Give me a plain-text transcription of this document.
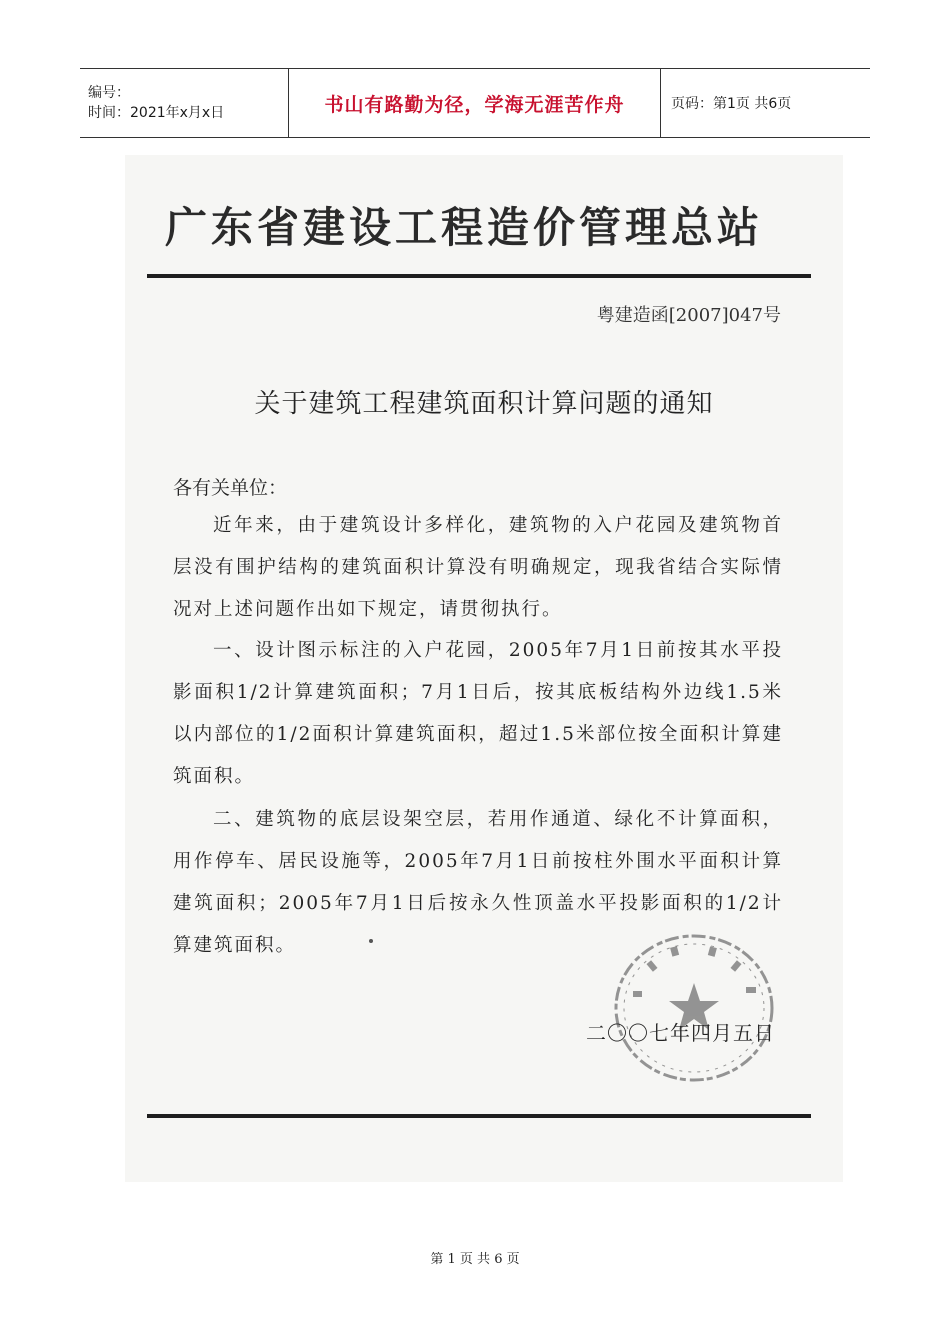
编号：
时间：2021年x月x日	书山有路勤为径，学海无涯苦作舟	页码：第1页 共6页
广东省建设工程造价管理总站
粤建造函[2007]047号
关于建筑工程建筑面积计算问题的通知
各有关单位：
近年来，由于建筑设计多样化，建筑物的入户花园及建筑物首层没有围护结构的建筑面积计算没有明确规定，现我省结合实际情况对上述问题作出如下规定，请贯彻执行。
一、设计图示标注的入户花园，2005年7月1日前按其水平投影面积1/2计算建筑面积；7月1日后，按其底板结构外边线1.5米以内部位的1/2面积计算建筑面积，超过1.5米部位按全面积计算建筑面积。
二、建筑物的底层设架空层，若用作通道、绿化不计算面积，用作停车、居民设施等，2005年7月1日前按柱外围水平面积计算建筑面积；2005年7月1日后按永久性顶盖水平投影面积的1/2计算建筑面积。
二〇〇七年四月五日
第 1 页 共 6 页
